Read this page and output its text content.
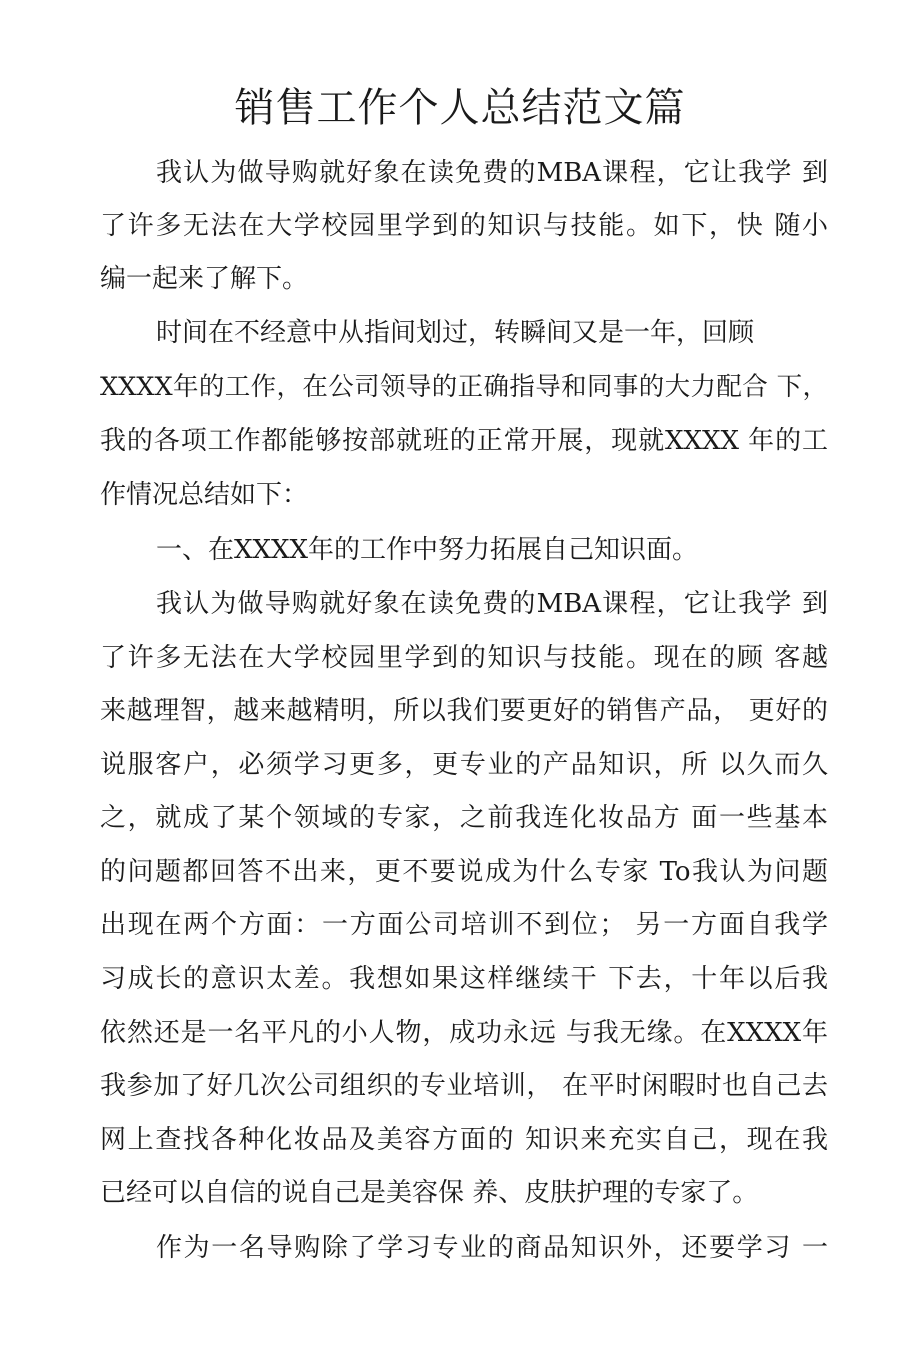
销售工作个人总结范文篇
我认为做导购就好象在读免费的MBA课程，它让我学 到
了许多无法在大学校园里学到的知识与技能。如下，快 随小
编一起来了解下。
时间在不经意中从指间划过，转瞬间又是一年，回顾
XXXX年的工作，在公司领导的正确指导和同事的大力配合 下，
我的各项工作都能够按部就班的正常开展，现就XXXX 年的工
作情况总结如下：
一、在XXXX年的工作中努力拓展自己知识面。
我认为做导购就好象在读免费的MBA课程，它让我学 到
了许多无法在大学校园里学到的知识与技能。现在的顾 客越
来越理智，越来越精明，所以我们要更好的销售产品， 更好的
说服客户，必须学习更多，更专业的产品知识，所 以久而久
之，就成了某个领域的专家，之前我连化妆品方 面一些基本
的问题都回答不出来，更不要说成为什么专家 To我认为问题
出现在两个方面：一方面公司培训不到位； 另一方面自我学
习成长的意识太差。我想如果这样继续干 下去，十年以后我
依然还是一名平凡的小人物，成功永远 与我无缘。在XXXX年
我参加了好几次公司组织的专业培训， 在平时闲暇时也自己去
网上查找各种化妆品及美容方面的 知识来充实自己，现在我
已经可以自信的说自己是美容保 养、皮肤护理的专家了。
作为一名导购除了学习专业的商品知识外，还要学习 一
